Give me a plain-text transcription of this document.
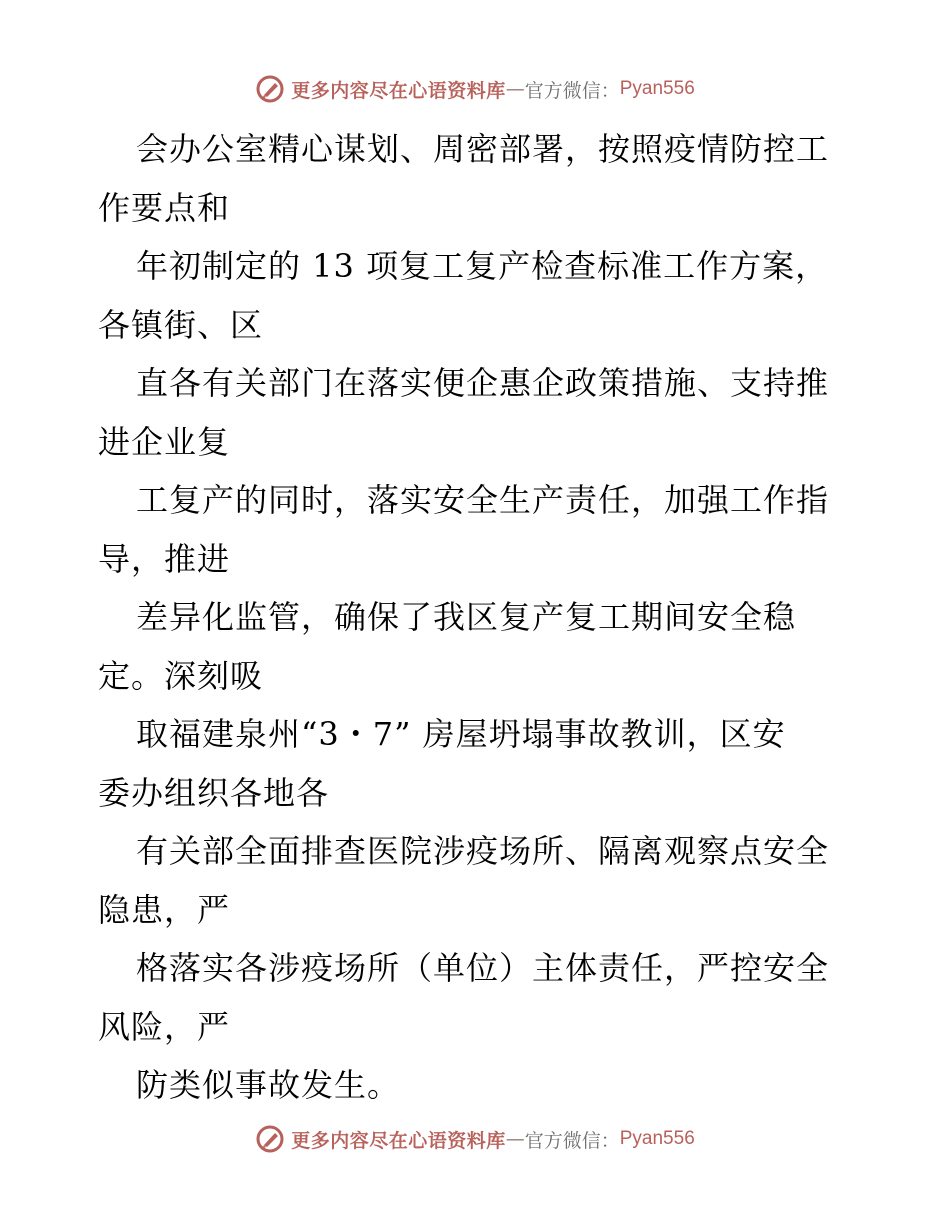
更多内容尽在心语资料库 — 官方微信： Pyan556

会办公室精心谋划、周密部署，按照疫情防控工
作要点和

年初制定的 13 项复工复产检查标准工作方案，
各镇街、区

直各有关部门在落实便企惠企政策措施、支持推
进企业复

工复产的同时，落实安全生产责任，加强工作指
导，推进

差异化监管，确保了我区复产复工期间安全稳
定。深刻吸

取福建泉州“3・7” 房屋坍塌事故教训，区安
委办组织各地各

有关部全面排查医院涉疫场所、隔离观察点安全
隐患，严

格落实各涉疫场所（单位）主体责任，严控安全
风险，严

防类似事故发生。

更多内容尽在心语资料库 — 官方微信： Pyan556
